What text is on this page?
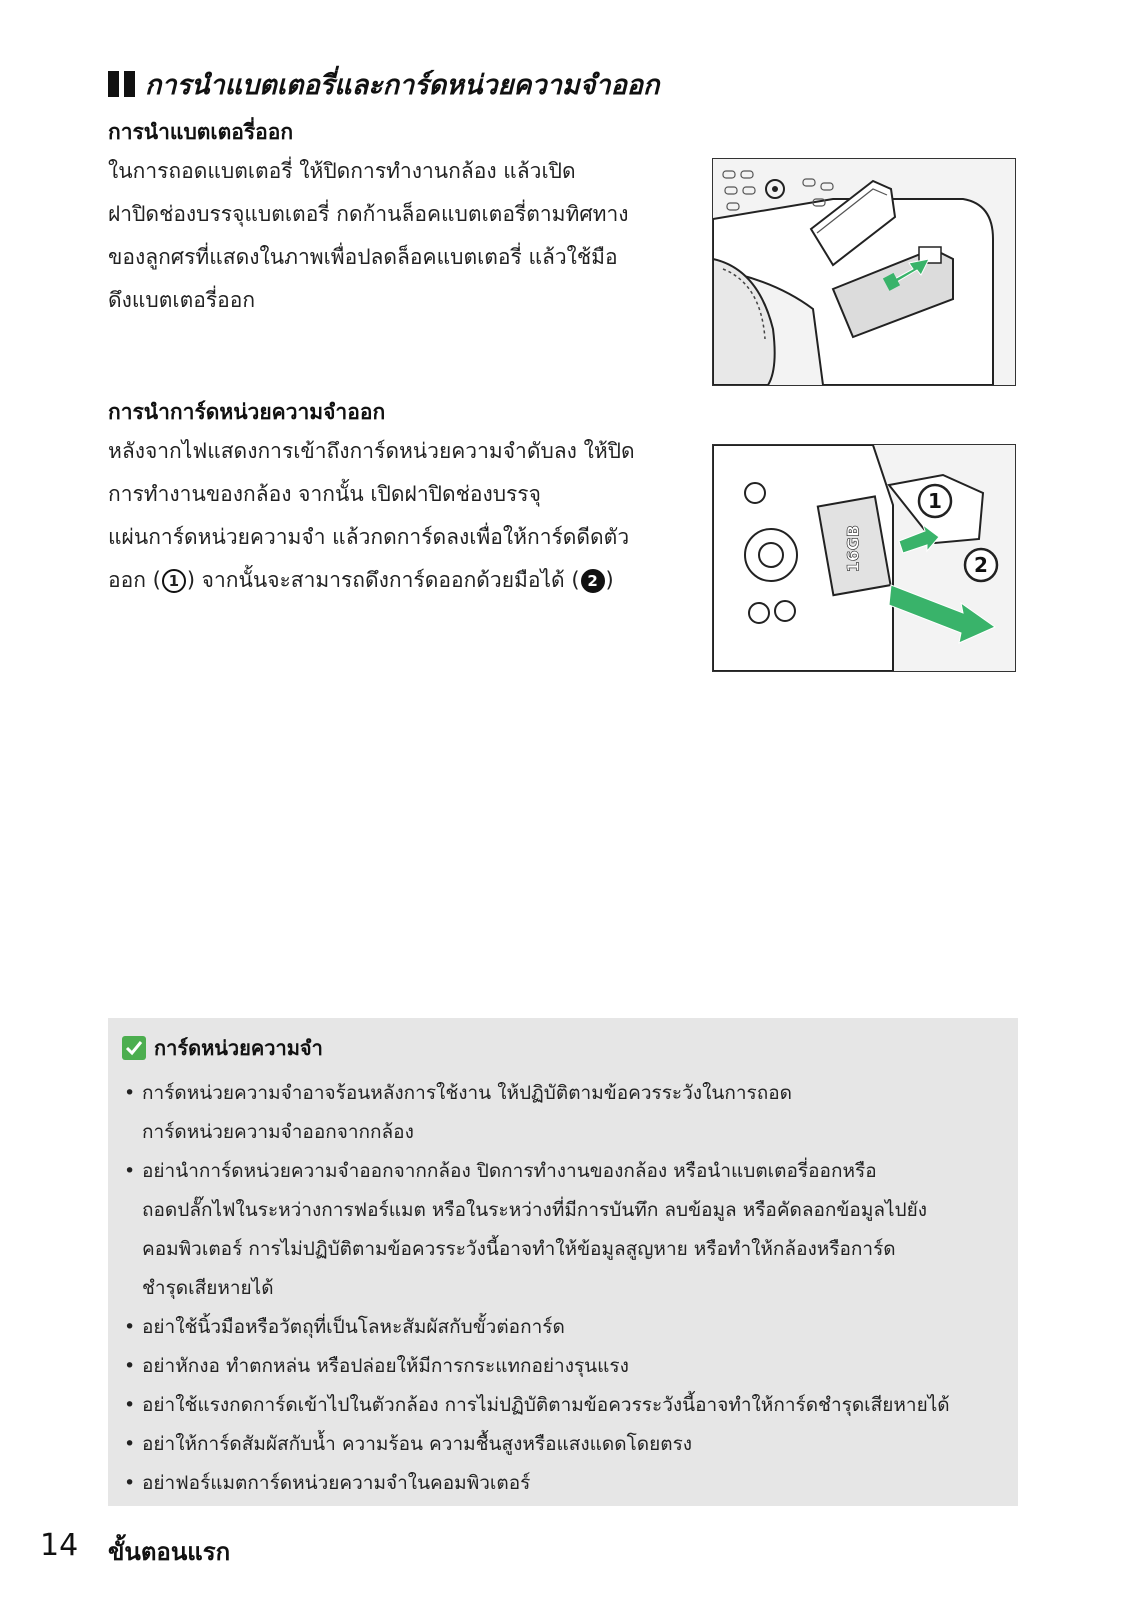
การนำแบตเตอรี่และการ์ดหน่วยความจำออก
การนำแบตเตอรี่ออก
ในการถอดแบตเตอรี่ ให้ปิดการทำงานกล้อง แล้วเปิด
ฝาปิดช่องบรรจุแบตเตอรี่ กดก้านล็อคแบตเตอรี่ตามทิศทาง
ของลูกศรที่แสดงในภาพเพื่อปลดล็อคแบตเตอรี่ แล้วใช้มือ
ดึงแบตเตอรี่ออก
การนำการ์ดหน่วยความจำออก
หลังจากไฟแสดงการเข้าถึงการ์ดหน่วยความจำดับลง ให้ปิด
การทำงานของกล้อง จากนั้น เปิดฝาปิดช่องบรรจุ
แผ่นการ์ดหน่วยความจำ แล้วกดการ์ดลงเพื่อให้การ์ดดีดตัว
ออก ( 1 ) จากนั้นจะสามารถดึงการ์ดออกด้วยมือได้ ( 2 )
16GB
1
2
การ์ดหน่วยความจำ
• การ์ดหน่วยความจำอาจร้อนหลังการใช้งาน ให้ปฏิบัติตามข้อควรระวังในการถอด
การ์ดหน่วยความจำออกจากกล้อง
• อย่านำการ์ดหน่วยความจำออกจากกล้อง ปิดการทำงานของกล้อง หรือนำแบตเตอรี่ออกหรือ
ถอดปลั๊กไฟในระหว่างการฟอร์แมต หรือในระหว่างที่มีการบันทึก ลบข้อมูล หรือคัดลอกข้อมูลไปยัง
คอมพิวเตอร์ การไม่ปฏิบัติตามข้อควรระวังนี้อาจทำให้ข้อมูลสูญหาย หรือทำให้กล้องหรือการ์ด
ชำรุดเสียหายได้
• อย่าใช้นิ้วมือหรือวัตถุที่เป็นโลหะสัมผัสกับขั้วต่อการ์ด
• อย่าหักงอ ทำตกหล่น หรือปล่อยให้มีการกระแทกอย่างรุนแรง
• อย่าใช้แรงกดการ์ดเข้าไปในตัวกล้อง การไม่ปฏิบัติตามข้อควรระวังนี้อาจทำให้การ์ดชำรุดเสียหายได้
• อย่าให้การ์ดสัมผัสกับน้ำ ความร้อน ความชื้นสูงหรือแสงแดดโดยตรง
• อย่าฟอร์แมตการ์ดหน่วยความจำในคอมพิวเตอร์
14 ขั้นตอนแรก
